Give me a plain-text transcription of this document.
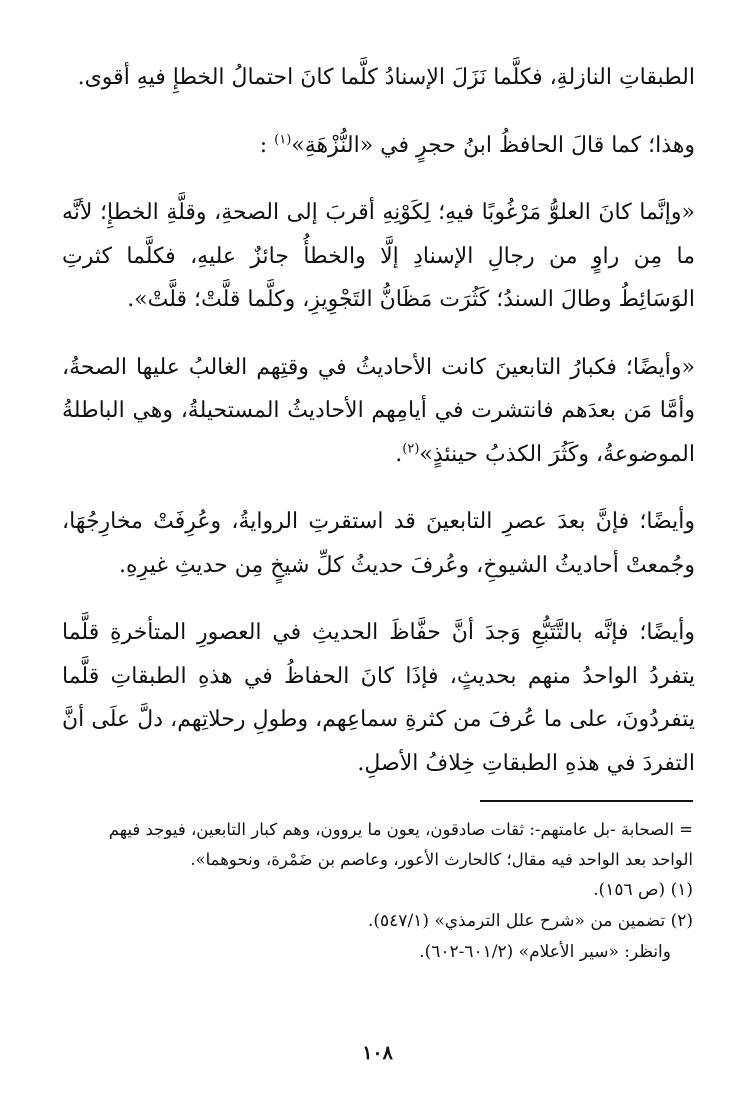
الطبقاتِ النازلةِ، فكلَّما نَزَلَ الإسنادُ كلَّما كانَ احتمالُ الخطإِ فيهِ أقوى.

وهذا؛ كما قالَ الحافظُ ابنُ حجرٍ في «النُّزْهَةِ»$^{(١)}$ :

«وإنَّما كانَ العلوُّ مَرْغُوبًا فيهِ؛ لِكَوْنِهِ أقربَ إلى الصحةِ، وقلَّةِ الخطإِ؛ لأنَّه ما مِن راوٍ من رجالِ الإسنادِ إلَّا والخطأُ جائزٌ عليهِ، فكلَّما كثرتِ الوَسَائِطُ وطالَ السندُ؛ كَثُرَت مَظَانُّ التَجْوِيزِ، وكلَّما قلَّتْ؛ قلَّتْ».

«وأيضًا؛ فكبارُ التابعينَ كانت الأحاديثُ في وقتِهم الغالبُ عليها الصحةُ، وأمَّا مَن بعدَهم فانتشرت في أيامِهم الأحاديثُ المستحيلةُ، وهي الباطلةُ الموضوعةُ، وكَثُرَ الكذبُ حينئذٍ»$^{(٢)}$.

وأيضًا؛ فإنَّ بعدَ عصرِ التابعينَ قد استقرتِ الروايةُ، وعُرِفَتْ مخارِجُهَا، وجُمعتْ أحاديثُ الشيوخِ، وعُرفَ حديثُ كلِّ شيخٍ مِن حديثِ غيرِهِ.

وأيضًا؛ فإنَّه بالتَّتَبُّعِ وَجدَ أنَّ حفَّاظَ الحديثِ في العصورِ المتأخرةِ قلَّما يتفردُ الواحدُ منهم بحديثٍ، فإذَا كانَ الحفاظُ في هذهِ الطبقاتِ قلَّما يتفردُونَ، على ما عُرفَ من كثرةِ سماعِهم، وطولِ رحلاتِهم، دلَّ علَى أنَّ التفردَ في هذهِ الطبقاتِ خِلافُ الأصلِ.

= الصحابة -بل عامتهم-: ثقات صادقون، يعون ما يروون، وهم كبار التابعين، فيوجد فيهم الواحد بعد الواحد فيه مقال؛ كالحارث الأعور، وعاصم بن ضَمْرة، ونحوهما».

(١) (ص ١٥٦).

(٢) تضمين من «شرح علل الترمذي» (٥٤٧/١).

وانظر: «سير الأعلام» (٦٠١/٢-٦٠٢).

١٠٨
